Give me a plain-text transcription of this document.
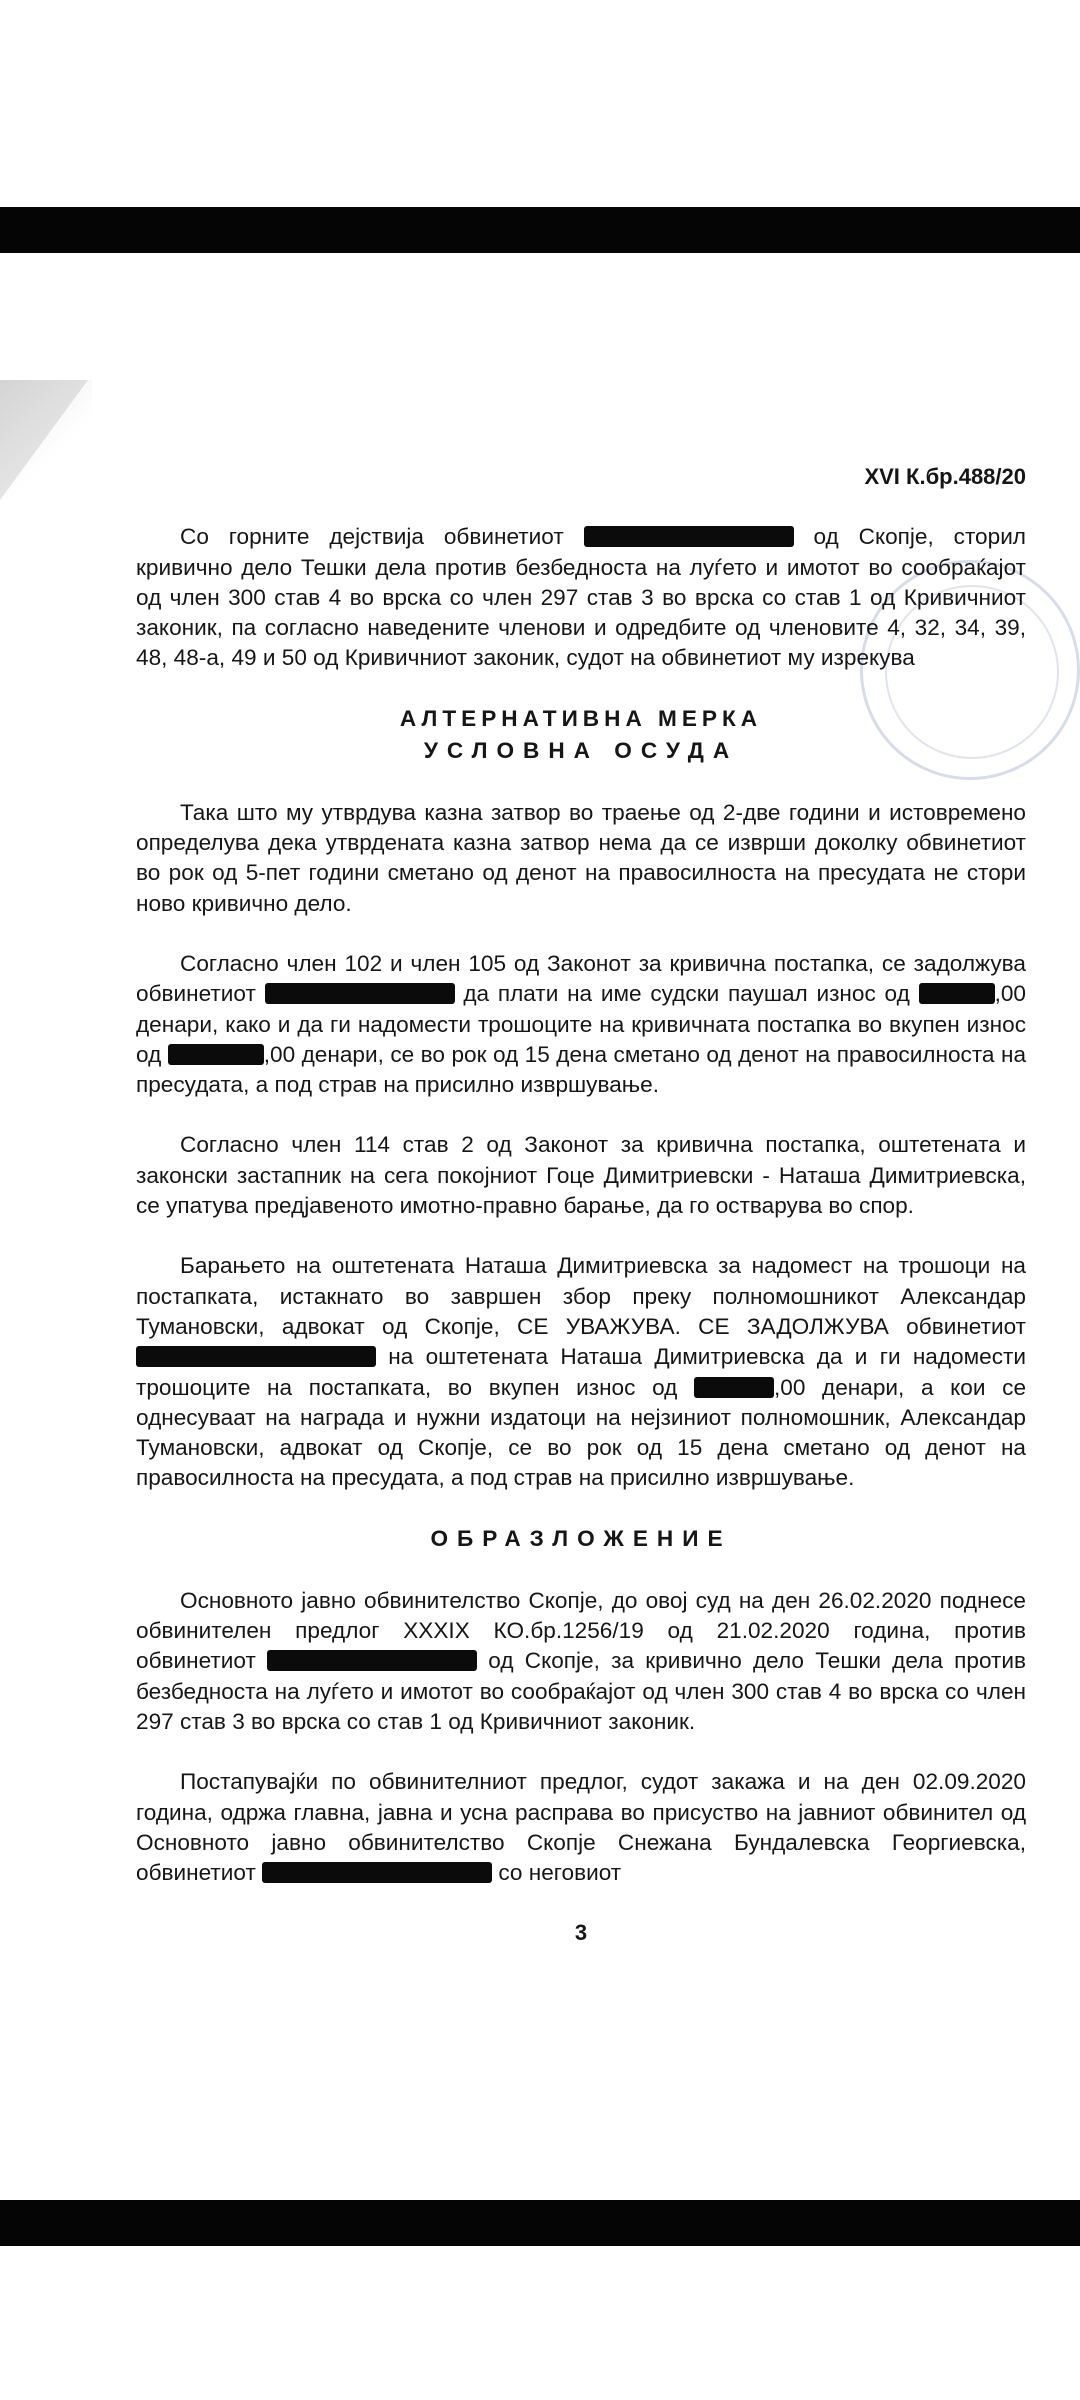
XVI К.бр.488/20

Со горните дејствија обвинетиот	од Скопје, сторил кривично дело Тешки дела против безбедноста на луѓето и имотот во сообраќајот од член 300 став 4 во врска со член 297 став 3 во врска со став 1 од Кривичниот законик, па согласно наведените членови и одредбите од членовите 4, 32, 34, 39, 48, 48-а, 49 и 50 од Кривичниот законик, судот на обвинетиот му изрекува

АЛТЕРНАТИВНА МЕРКА
УСЛОВНА ОСУДА

Така што му утврдува казна затвор во траење од 2-две години и истовремено определува дека утврдената казна затвор нема да се изврши доколку обвинетиот во рок од 5-пет години сметано од денот на правосилноста на пресудата не стори ново кривично дело.

Согласно член 102 и член 105 од Законот за кривична постапка, се задолжува обвинетиот	да плати на име судски паушал износ од	,00 денари, како и да ги надомести трошоците на кривичната постапка во вкупен износ од	,00 денари, се во рок од 15 дена сметано од денот на правосилноста на пресудата, а под страв на присилно извршување.

Согласно член 114 став 2 од Законот за кривична постапка, оштетената и законски застапник на сега покојниот Гоце Димитриевски - Наташа Димитриевска, се упатува предјавеното имотно-правно барање, да го остварува во спор.

Барањето на оштетената Наташа Димитриевска за надомест на трошоци на постапката, истакнато во завршен збор преку полномошникот Александар Тумановски, адвокат од Скопје, СЕ УВАЖУВА. СЕ ЗАДОЛЖУВА обвинетиот  на оштетената Наташа Димитриевска да и ги надомести трошоците на постапката, во вкупен износ од	,00 денари, а кои се однесуваат на награда и нужни издатоци на нејзиниот полномошник, Александар Тумановски, адвокат од Скопје, се во рок од 15 дена сметано од денот на правосилноста на пресудата, а под страв на присилно извршување.

ОБРАЗЛОЖЕНИЕ

Основното јавно обвинителство Скопје, до овој суд на ден 26.02.2020 поднесе обвинителен предлог XXXIX КО.бр.1256/19 од 21.02.2020 година, против обвинетиот	од Скопје, за кривично дело Тешки дела против безбедноста на луѓето и имотот во сообраќајот од член 300 став 4 во врска со член 297 став 3 во врска со став 1 од Кривичниот законик.

Постапувајќи по обвинителниот предлог, судот закажа и на ден 02.09.2020 година, одржа главна, јавна и усна расправа во присуство на јавниот обвинител од Основното јавно обвинителство Скопје Снежана Бундалевска Георгиевска, обвинетиот	со неговиот

3
